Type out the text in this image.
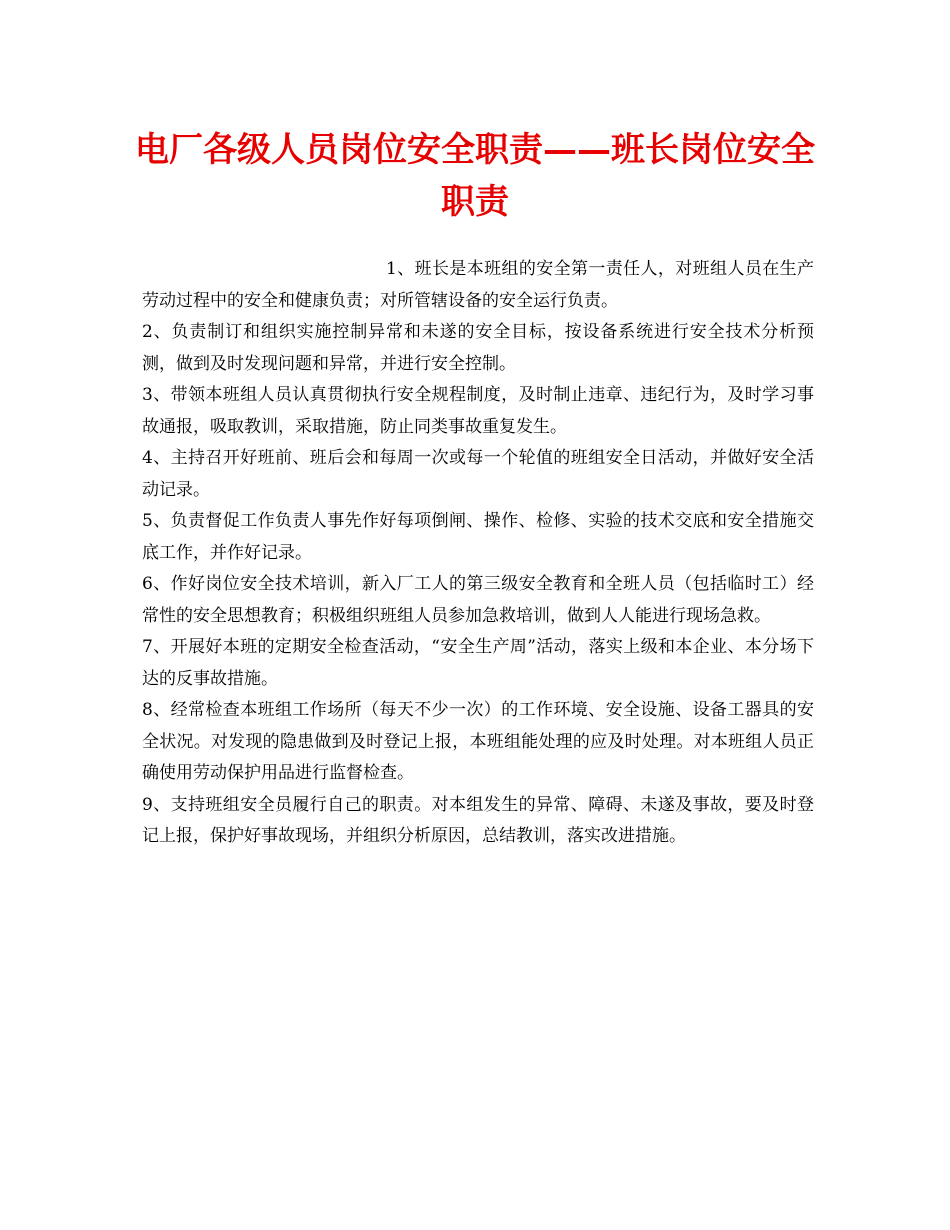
电厂各级人员岗位安全职责——班长岗位安全职责

1、班长是本班组的安全第一责任人，对班组人员在生产劳动过程中的安全和健康负责；对所管辖设备的安全运行负责。

2、负责制订和组织实施控制异常和未遂的安全目标，按设备系统进行安全技术分析预测，做到及时发现问题和异常，并进行安全控制。

3、带领本班组人员认真贯彻执行安全规程制度，及时制止违章、违纪行为，及时学习事故通报，吸取教训，采取措施，防止同类事故重复发生。

4、主持召开好班前、班后会和每周一次或每一个轮值的班组安全日活动，并做好安全活动记录。

5、负责督促工作负责人事先作好每项倒闸、操作、检修、实验的技术交底和安全措施交底工作，并作好记录。

6、作好岗位安全技术培训，新入厂工人的第三级安全教育和全班人员（包括临时工）经常性的安全思想教育；积极组织班组人员参加急救培训，做到人人能进行现场急救。

7、开展好本班的定期安全检查活动，“安全生产周”活动，落实上级和本企业、本分场下达的反事故措施。

8、经常检查本班组工作场所（每天不少一次）的工作环境、安全设施、设备工器具的安全状况。对发现的隐患做到及时登记上报，本班组能处理的应及时处理。对本班组人员正确使用劳动保护用品进行监督检查。

9、支持班组安全员履行自己的职责。对本组发生的异常、障碍、未遂及事故，要及时登记上报，保护好事故现场，并组织分析原因，总结教训，落实改进措施。
